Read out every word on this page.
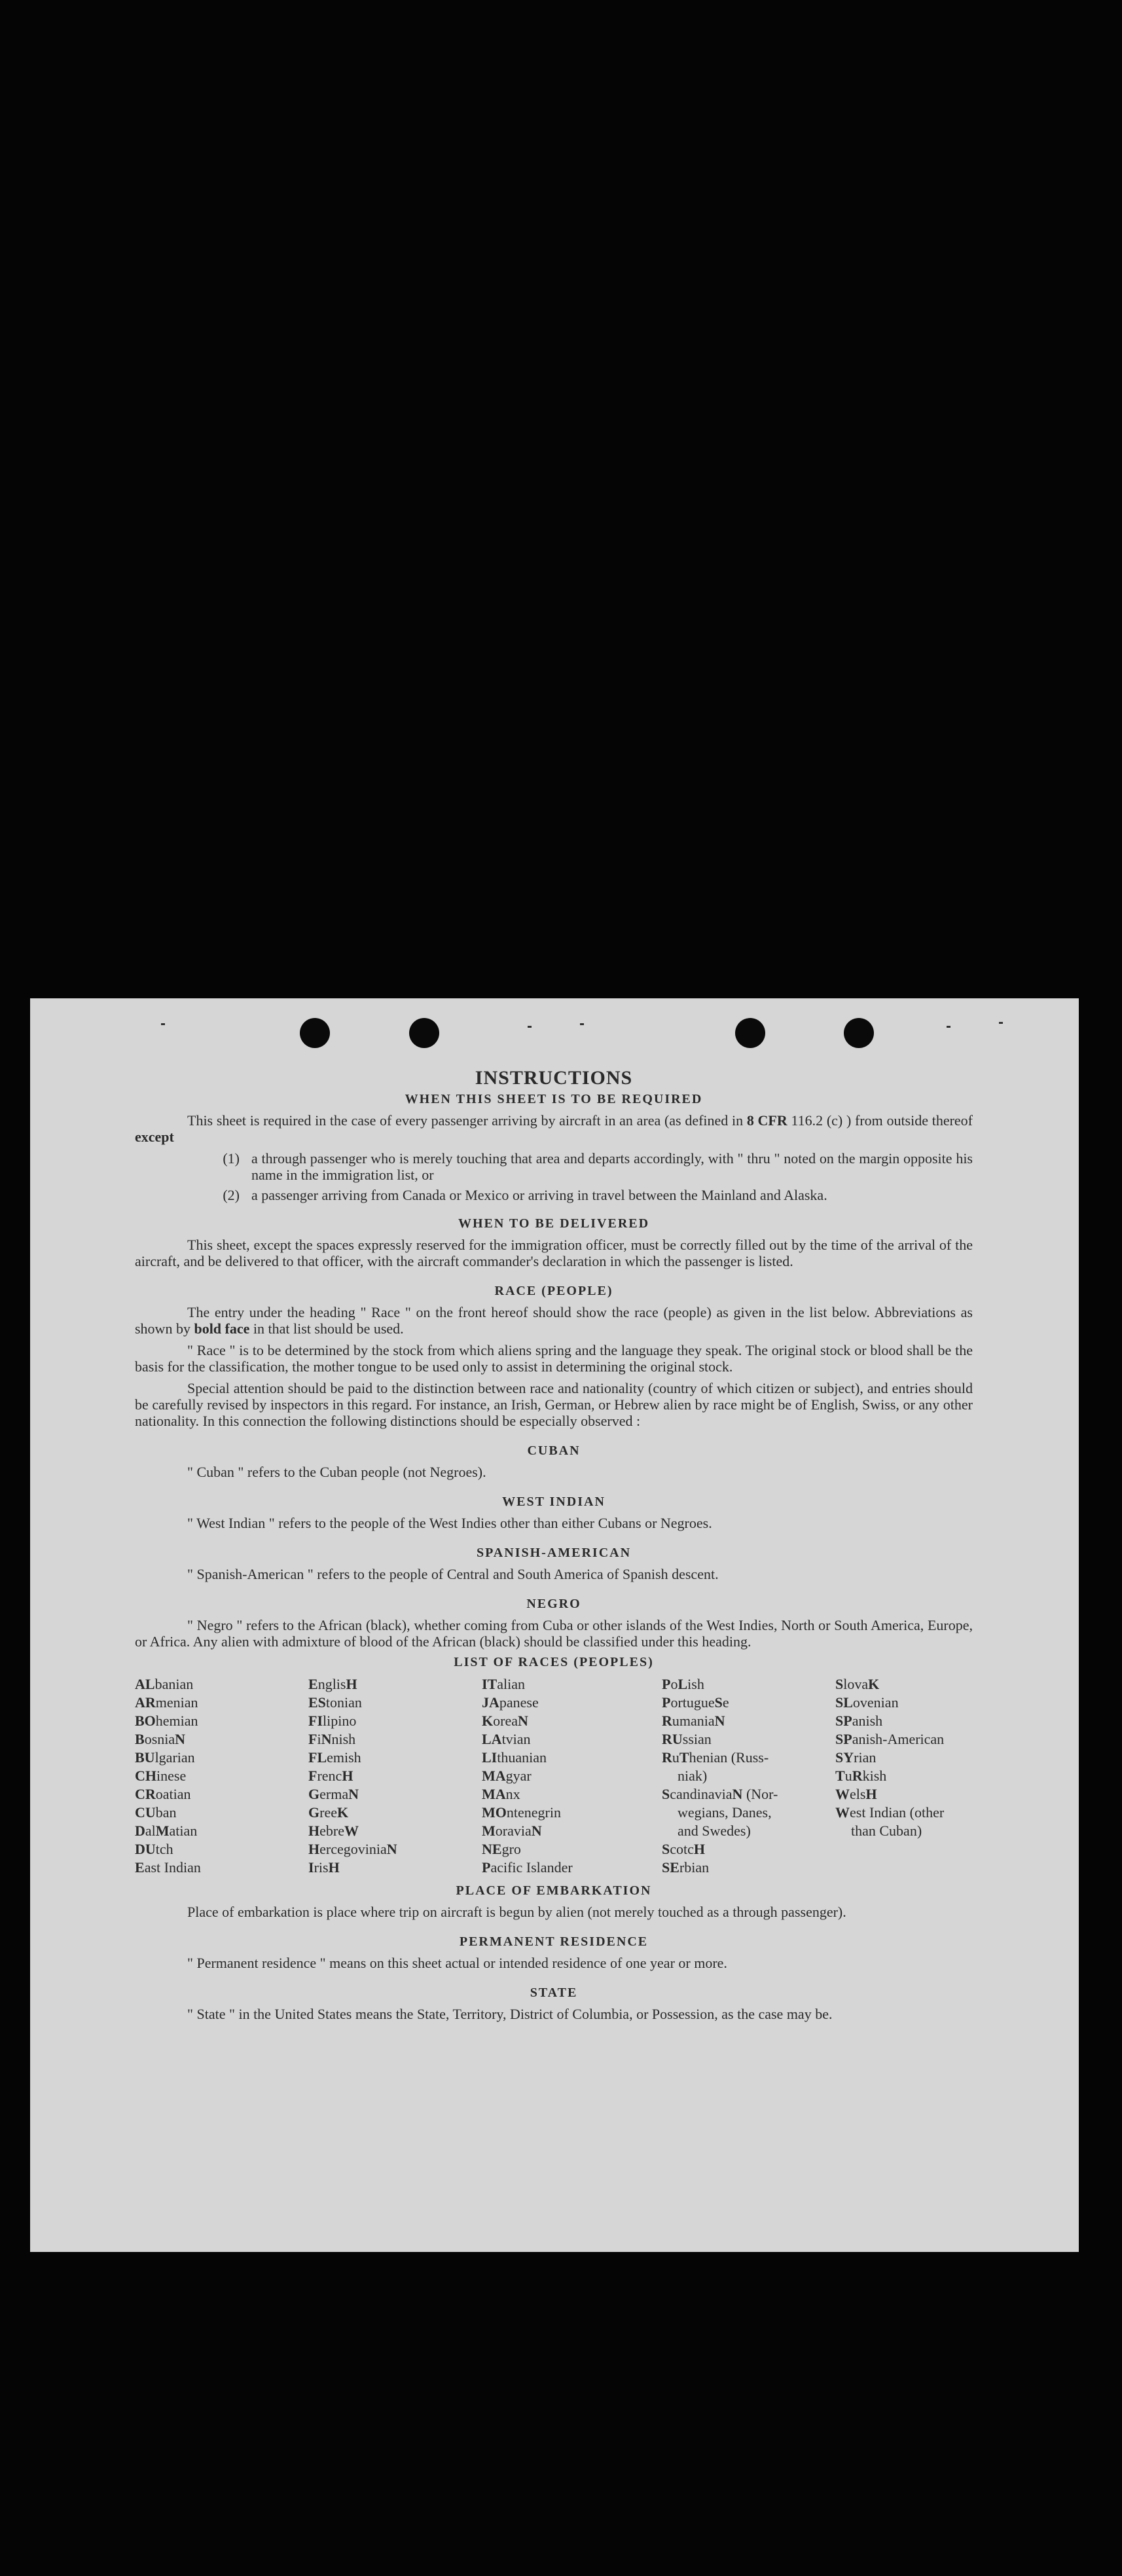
INSTRUCTIONS
WHEN THIS SHEET IS TO BE REQUIRED

This sheet is required in the case of every passenger arriving by aircraft in an area (as defined in 8 CFR 116.2 (c) ) from outside thereof except

(1) a through passenger who is merely touching that area and departs accordingly, with " thru " noted on the margin opposite his name in the immigration list, or
(2) a passenger arriving from Canada or Mexico or arriving in travel between the Mainland and Alaska.
WHEN TO BE DELIVERED

This sheet, except the spaces expressly reserved for the immigration officer, must be correctly filled out by the time of the arrival of the aircraft, and be delivered to that officer, with the aircraft commander's declaration in which the passenger is listed.

RACE (PEOPLE)

The entry under the heading " Race " on the front hereof should show the race (people) as given in the list below. Abbreviations as shown by bold face in that list should be used.

" Race " is to be determined by the stock from which aliens spring and the language they speak. The original stock or blood shall be the basis for the classification, the mother tongue to be used only to assist in determining the original stock.

Special attention should be paid to the distinction between race and nationality (country of which citizen or subject), and entries should be carefully revised by inspectors in this regard. For instance, an Irish, German, or Hebrew alien by race might be of English, Swiss, or any other nationality. In this connection the following distinctions should be especially observed :

CUBAN

" Cuban " refers to the Cuban people (not Negroes).

WEST INDIAN

" West Indian " refers to the people of the West Indies other than either Cubans or Negroes.

SPANISH-AMERICAN

" Spanish-American " refers to the people of Central and South America of Spanish descent.

NEGRO

" Negro " refers to the African (black), whether coming from Cuba or other islands of the West Indies, North or South America, Europe, or Africa. Any alien with admixture of blood of the African (black) should be classified under this heading.

LIST OF RACES (PEOPLES)
ALbanian
ARmenian
BOhemian
BosniaN
BUlgarian
CHinese
CRoatian
CUban
DalMatian
DUtch
East Indian
EnglisH
EStonian
FIlipino
FiNnish
FLemish
FrencH
GermaN
GreeK
HebreW
HercegoviniaN
IrisH
ITalian
JApanese
KoreaN
LAtvian
LIthuanian
MAgyar
MAnx
MOntenegrin
MoraviaN
NEgro
Pacific Islander
PoLish
PortugueSe
RumaniaN
RUssian
RuThenian (Russ-
niak)
ScandinaviaN (Nor-
wegians, Danes,
and Swedes)
ScotcH
SErbian
SlovaK
SLovenian
SPanish
SPanish-American
SYrian
TuRkish
WelsH
West Indian (other
than Cuban)
PLACE OF EMBARKATION

Place of embarkation is place where trip on aircraft is begun by alien (not merely touched as a through passenger).

PERMANENT RESIDENCE

" Permanent residence " means on this sheet actual or intended residence of one year or more.

STATE

" State " in the United States means the State, Territory, District of Columbia, or Possession, as the case may be.
